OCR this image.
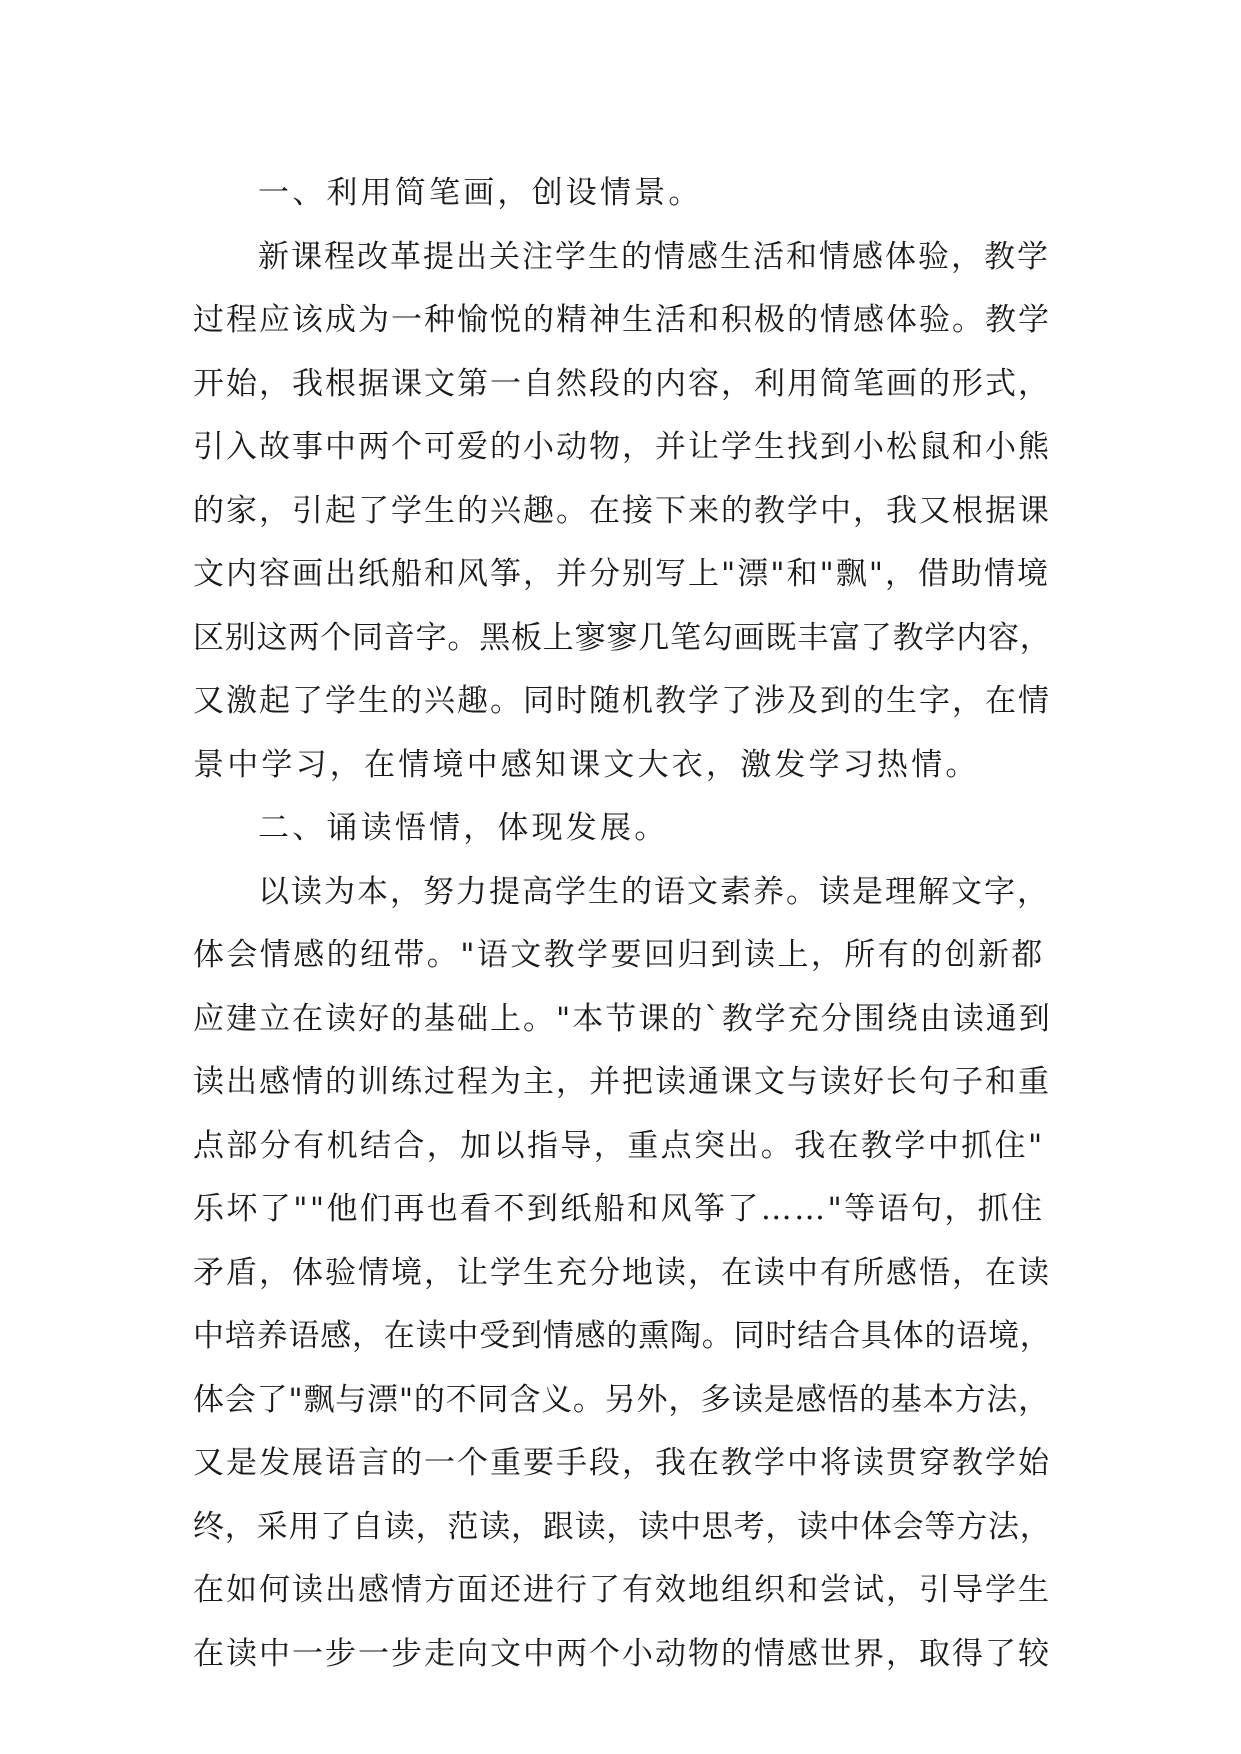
一、利用简笔画，创设情景。
新课程改革提出关注学生的情感生活和情感体验，教学
过程应该成为一种愉悦的精神生活和积极的情感体验。教学
开始，我根据课文第一自然段的内容，利用简笔画的形式，
引入故事中两个可爱的小动物，并让学生找到小松鼠和小熊
的家，引起了学生的兴趣。在接下来的教学中，我又根据课
文内容画出纸船和风筝，并分别写上"漂"和"飘"，借助情境
区别这两个同音字。黑板上寥寥几笔勾画既丰富了教学内容，
又激起了学生的兴趣。同时随机教学了涉及到的生字，在情
景中学习，在情境中感知课文大衣，激发学习热情。
二、诵读悟情，体现发展。
以读为本，努力提高学生的语文素养。读是理解文字，
体会情感的纽带。"语文教学要回归到读上，所有的创新都
应建立在读好的基础上。"本节课的`教学充分围绕由读通到
读出感情的训练过程为主，并把读通课文与读好长句子和重
点部分有机结合，加以指导，重点突出。我在教学中抓住"
乐坏了""他们再也看不到纸船和风筝了……"等语句，抓住
矛盾，体验情境，让学生充分地读，在读中有所感悟，在读
中培养语感，在读中受到情感的熏陶。同时结合具体的语境，
体会了"飘与漂"的不同含义。另外，多读是感悟的基本方法，
又是发展语言的一个重要手段，我在教学中将读贯穿教学始
终，采用了自读，范读，跟读，读中思考，读中体会等方法，
在如何读出感情方面还进行了有效地组织和尝试，引导学生
在读中一步一步走向文中两个小动物的情感世界，取得了较
